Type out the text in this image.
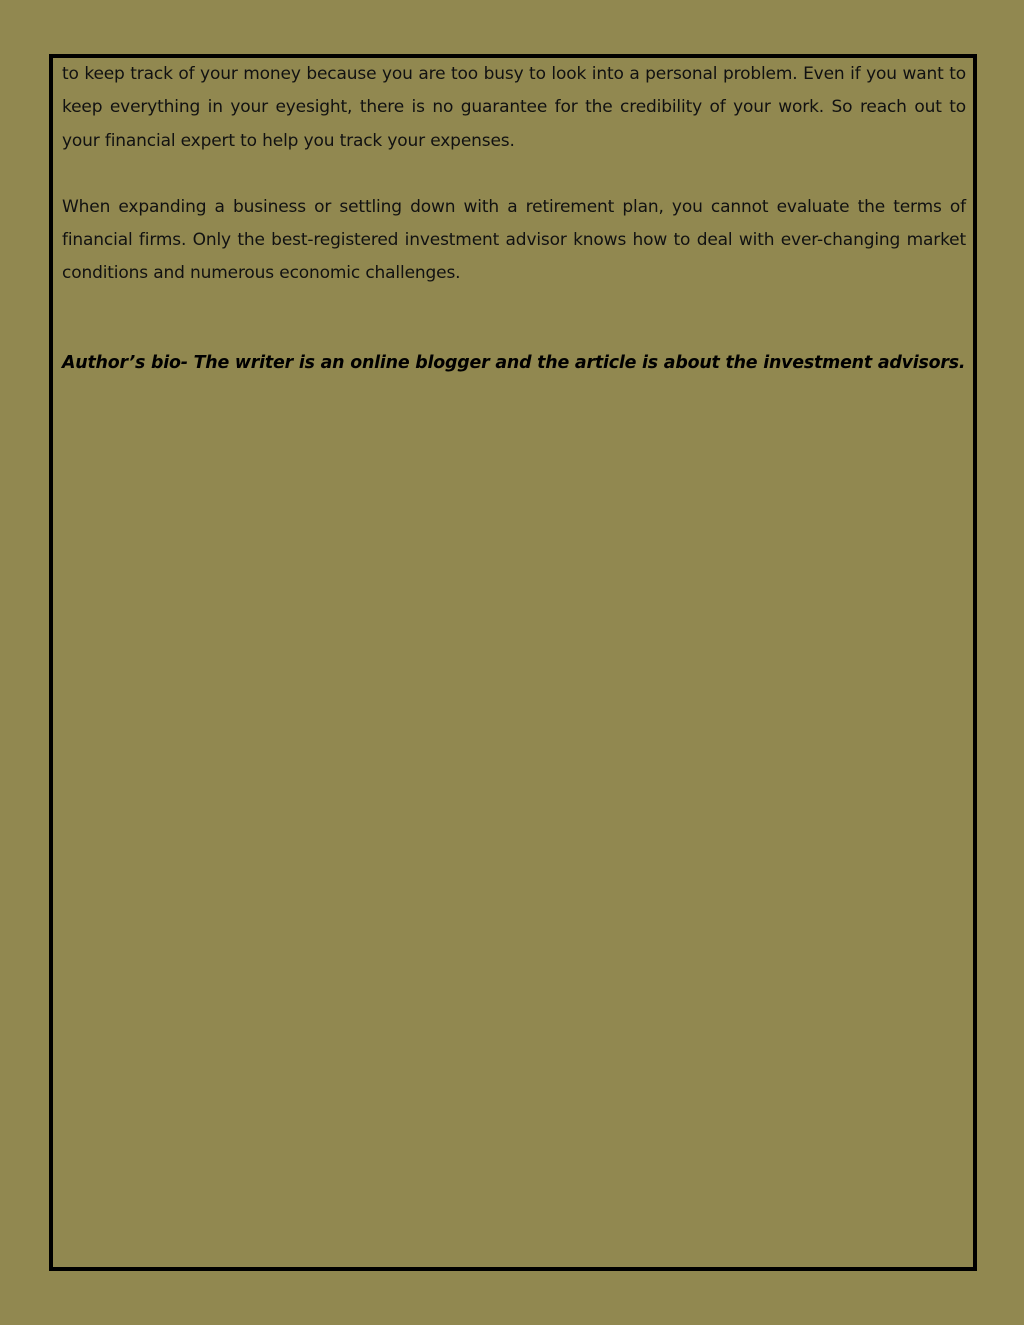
to keep track of your money because you are too busy to look into a personal problem. Even if you want to keep everything in your eyesight, there is no guarantee for the credibility of your work. So reach out to your financial expert to help you track your expenses.

When expanding a business or settling down with a retirement plan, you cannot evaluate the terms of financial firms. Only the best-registered investment advisor knows how to deal with ever-changing market conditions and numerous economic challenges.

Author’s bio- The writer is an online blogger and the article is about the investment advisors.
